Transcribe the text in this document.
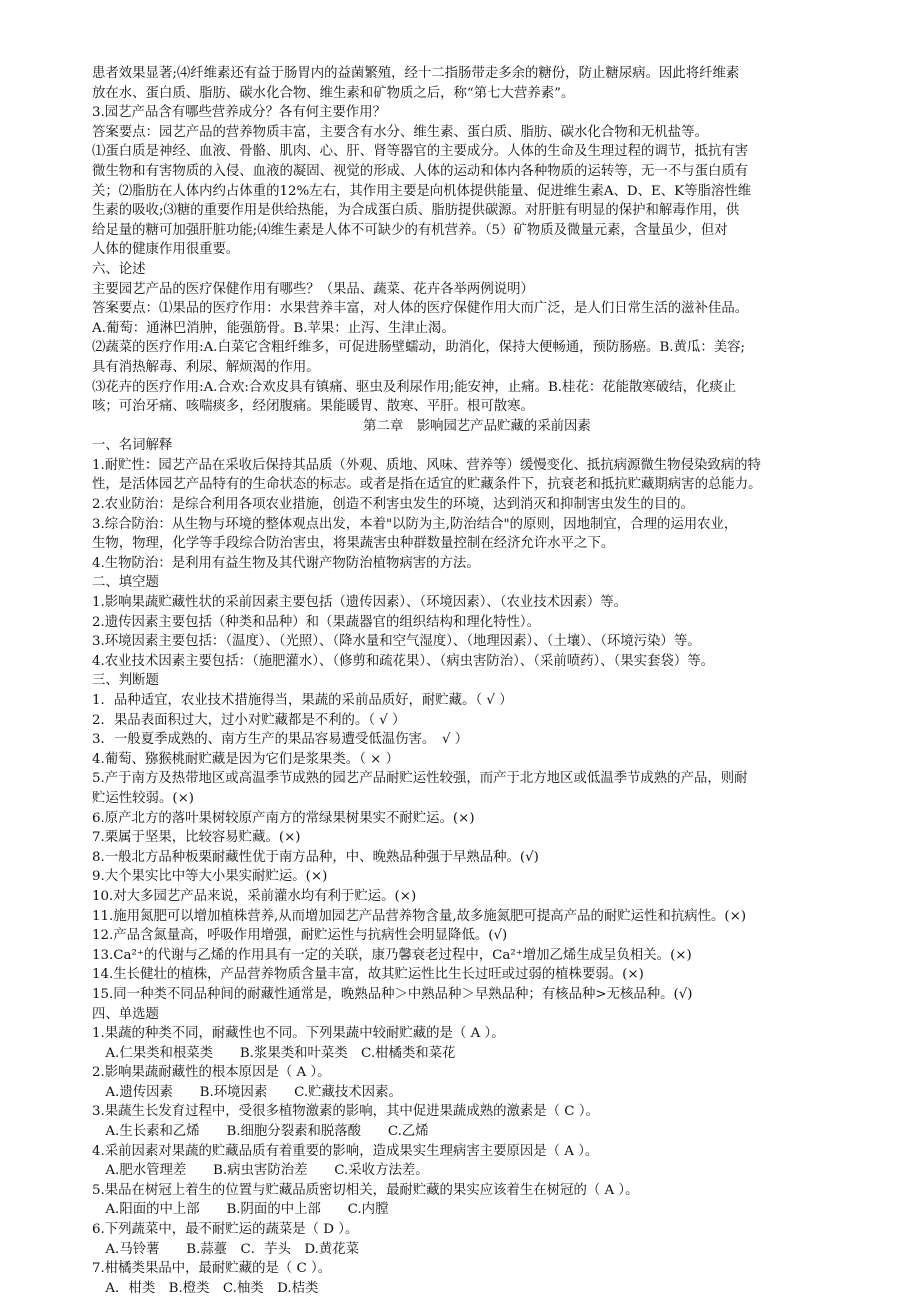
患者效果显著;⑷纤维素还有益于肠胃内的益菌繁殖，经十二指肠带走多余的糖份，防止糖尿病。因此将纤维素
放在水、蛋白质、脂肪、碳水化合物、维生素和矿物质之后，称“第七大营养素”。
3.园艺产品含有哪些营养成分？各有何主要作用？
答案要点：园艺产品的营养物质丰富，主要含有水分、维生素、蛋白质、脂肪、碳水化合物和无机盐等。
⑴蛋白质是神经、血液、骨骼、肌肉、心、肝、肾等器官的主要成分。人体的生命及生理过程的调节，抵抗有害
微生物和有害物质的入侵、血液的凝固、视觉的形成、人体的运动和体内各种物质的运转等，无一不与蛋白质有
关；⑵脂肪在人体内约占体重的12%左右，其作用主要是向机体提供能量、促进维生素A、D、E、K等脂溶性维
生素的吸收;⑶糖的重要作用是供给热能，为合成蛋白质、脂肪提供碳源。对肝脏有明显的保护和解毒作用，供
给足量的糖可加强肝脏功能;⑷维生素是人体不可缺少的有机营养。（5）矿物质及微量元素，含量虽少，但对
人体的健康作用很重要。
六、论述
主要园艺产品的医疗保健作用有哪些？（果品、蔬菜、花卉各举两例说明）
答案要点：⑴果品的医疗作用：水果营养丰富，对人体的医疗保健作用大而广泛，是人们日常生活的滋补佳品。
A.葡萄：通淋巴消肿，能强筋骨。B.苹果：止泻、生津止渴。
⑵蔬菜的医疗作用:A.白菜它含粗纤维多，可促进肠壁蠕动，助消化，保持大便畅通，预防肠癌。B.黄瓜：美容;
具有消热解毒、利尿、解烦渴的作用。
⑶花卉的医疗作用:A.合欢:合欢皮具有镇痛、驱虫及利尿作用;能安神，止痛。B.桂花：花能散寒破结，化痰止
咳；可治牙痛、咳喘痰多，经闭腹痛。果能暖胃、散寒、平肝。根可散寒。
第二章　影响园艺产品贮藏的采前因素
一、名词解释
1.耐贮性：园艺产品在采收后保持其品质（外观、质地、风味、营养等）缓慢变化、抵抗病源微生物侵染致病的特
性，是活体园艺产品特有的生命状态的标志。或者是指在适宜的贮藏条件下，抗衰老和抵抗贮藏期病害的总能力。
2.农业防治：是综合利用各项农业措施，创造不利害虫发生的环境，达到消灭和抑制害虫发生的目的。
3.综合防治：从生物与环境的整体观点出发，本着"以防为主,防治结合"的原则，因地制宜，合理的运用农业，
生物，物理，化学等手段综合防治害虫，将果蔬害虫种群数量控制在经济允许水平之下。
4.生物防治：是利用有益生物及其代谢产物防治植物病害的方法。
二、填空题
1.影响果蔬贮藏性状的采前因素主要包括（遗传因素）、（环境因素）、（农业技术因素）等。
2.遗传因素主要包括（种类和品种）和（果蔬器官的组织结构和理化特性）。
3.环境因素主要包括：（温度）、（光照）、（降水量和空气湿度）、（地理因素）、（土壤）、（环境污染）等。
4.农业技术因素主要包括：（施肥灌水）、（修剪和疏花果）、（病虫害防治）、（采前喷药）、（果实套袋）等。
三、判断题
1．品种适宜，农业技术措施得当，果蔬的采前品质好，耐贮藏。（ √ ）
2．果品表面积过大，过小对贮藏都是不利的。（ √ ）
3．一般夏季成熟的、南方生产的果品容易遭受低温伤害。　√ ）
4.葡萄、猕猴桃耐贮藏是因为它们是浆果类。（ × ）
5.产于南方及热带地区或高温季节成熟的园艺产品耐贮运性较强，而产于北方地区或低温季节成熟的产品，则耐
贮运性较弱。(×)
6.原产北方的落叶果树较原产南方的常绿果树果实不耐贮运。(×)
7.栗属于坚果，比较容易贮藏。(×)
8.一般北方品种板栗耐藏性优于南方品种，中、晚熟品种强于早熟品种。(√)
9.大个果实比中等大小果实耐贮运。(×)
10.对大多园艺产品来说，采前灌水均有利于贮运。(×)
11.施用氮肥可以增加植株营养,从而增加园艺产品营养物含量,故多施氮肥可提高产品的耐贮运性和抗病性。(×)
12.产品含氮量高，呼吸作用增强，耐贮运性与抗病性会明显降低。(√)
13.Ca²⁺的代谢与乙烯的作用具有一定的关联，康乃馨衰老过程中，Ca²⁺增加乙烯生成呈负相关。(×)
14.生长健壮的植株，产品营养物质含量丰富，故其贮运性比生长过旺或过弱的植株要弱。(×)
15.同一种类不同品种间的耐藏性通常是，晚熟品种＞中熟品种＞早熟品种；有核品种>无核品种。(√)
四、单选题
1.果蔬的种类不同，耐藏性也不同。下列果蔬中较耐贮藏的是（ A ）。
　A.仁果类和根菜类　　B.浆果类和叶菜类　C.柑橘类和菜花
2.影响果蔬耐藏性的根本原因是（ A ）。
　A.遗传因素　　B.环境因素　　C.贮藏技术因素。
3.果蔬生长发育过程中，受很多植物激素的影响，其中促进果蔬成熟的激素是（ C ）。
　A.生长素和乙烯　　B.细胞分裂素和脱落酸　　C.乙烯
4.采前因素对果蔬的贮藏品质有着重要的影响，造成果实生理病害主要原因是（ A ）。
　A.肥水管理差　　B.病虫害防治差　　C.采收方法差。
5.果品在树冠上着生的位置与贮藏品质密切相关，最耐贮藏的果实应该着生在树冠的（ A ）。
　A.阳面的中上部　　B.阴面的中上部　　C.内膛
6.下列蔬菜中，最不耐贮运的蔬菜是（ D ）。
　A.马铃薯　　B.蒜薹　C．芋头　D.黄花菜
7.柑橘类果品中，最耐贮藏的是（ C ）。
　A．柑类　B.橙类　C.柚类　D.桔类
